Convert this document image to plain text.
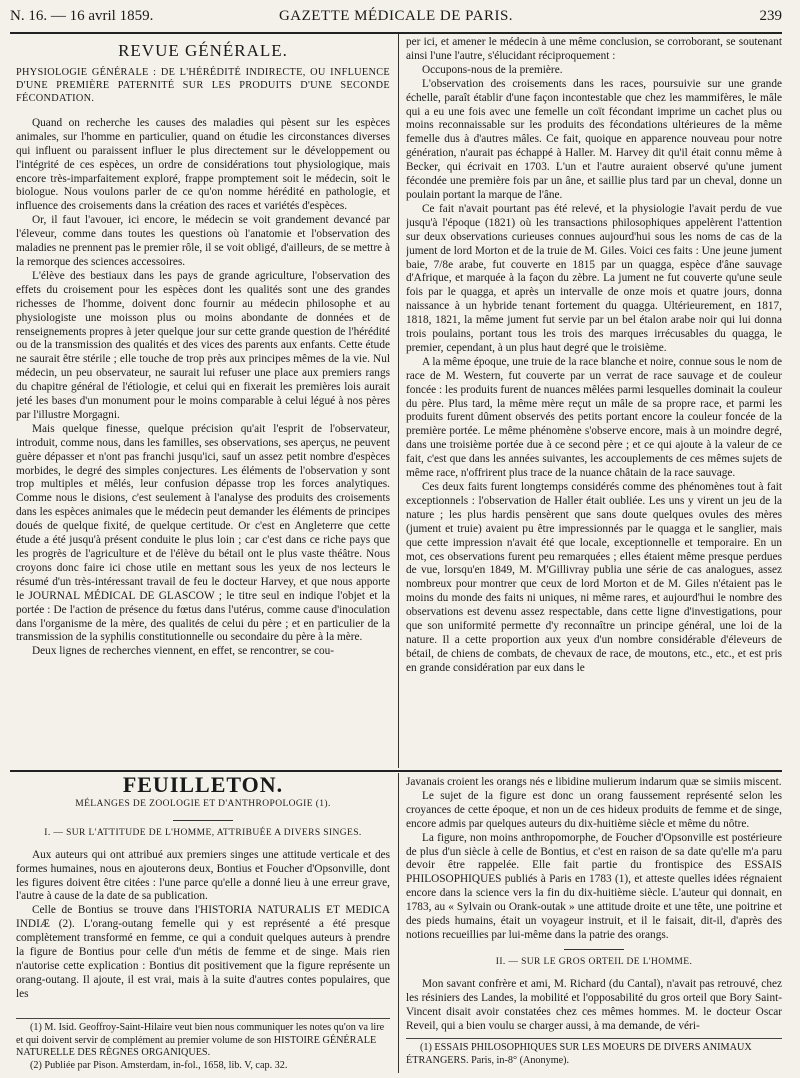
N. 16. — 16 avril 1859.	GAZETTE MÉDICALE DE PARIS.	239
REVUE GÉNÉRALE.
PHYSIOLOGIE GÉNÉRALE : DE L'HÉRÉDITÉ INDIRECTE, OU INFLUENCE D'UNE PREMIÈRE PATERNITÉ SUR LES PRODUITS D'UNE SECONDE FÉCONDATION.

Quand on recherche les causes des maladies qui pèsent sur les espèces animales, sur l'homme en particulier, quand on étudie les circonstances diverses qui influent ou paraissent influer le plus directement sur le développement ou l'intégrité de ces espèces, un ordre de considérations tout physiologique, mais encore très-imparfaitement exploré, frappe promptement soit le médecin, soit le biologue. Nous voulons parler de ce qu'on nomme hérédité en pathologie, et influence des croisements dans la création des races et variétés d'espèces.

Or, il faut l'avouer, ici encore, le médecin se voit grandement devancé par l'éleveur, comme dans toutes les questions où l'anatomie et l'observation des maladies ne prennent pas le premier rôle, il se voit obligé, d'ailleurs, de se mettre à la remorque des sciences accessoires.

L'élève des bestiaux dans les pays de grande agriculture, l'observation des effets du croisement pour les espèces dont les qualités sont une des grandes richesses de l'homme, doivent donc fournir au médecin philosophe et au physiologiste une moisson plus ou moins abondante de données et de renseignements propres à jeter quelque jour sur cette grande question de l'hérédité ou de la transmission des qualités et des vices des parents aux enfants. Cette étude ne saurait être stérile ; elle touche de trop près aux principes mêmes de la vie. Nul médecin, un peu observateur, ne saurait lui refuser une place aux premiers rangs du chapitre général de l'étiologie, et celui qui en fixerait les premières lois aurait jeté les bases d'un monument pour le moins comparable à celui légué à nos pères par l'illustre Morgagni.

Mais quelque finesse, quelque précision qu'ait l'esprit de l'observateur, introduit, comme nous, dans les familles, ses observations, ses aperçus, ne peuvent guère dépasser et n'ont pas franchi jusqu'ici, sauf un assez petit nombre d'espèces morbides, le degré des simples conjectures. Les éléments de l'observation y sont trop multiples et mêlés, leur confusion dépasse trop les forces analytiques. Comme nous le disions, c'est seulement à l'analyse des produits des croisements dans les espèces animales que le médecin peut demander les éléments de principes doués de quelque fixité, de quelque certitude. Or c'est en Angleterre que cette étude a été jusqu'à présent conduite le plus loin ; car c'est dans ce riche pays que les progrès de l'agriculture et de l'élève du bétail ont le plus vaste théâtre. Nous croyons donc faire ici chose utile en mettant sous les yeux de nos lecteurs le résumé d'un très-intéressant travail de feu le docteur Harvey, et que nous apporte le JOURNAL MÉDICAL DE GLASCOW ; le titre seul en indique l'objet et la portée : De l'action de présence du fœtus dans l'utérus, comme cause d'inoculation dans l'organisme de la mère, des qualités de celui du père ; et en particulier de la transmission de la syphilis constitutionnelle ou secondaire du père à la mère.

Deux lignes de recherches viennent, en effet, se rencontrer, se cou-

per ici, et amener le médecin à une même conclusion, se corroborant, se soutenant ainsi l'une l'autre, s'élucidant réciproquement :

Occupons-nous de la première.

L'observation des croisements dans les races, poursuivie sur une grande échelle, paraît établir d'une façon incontestable que chez les mammifères, le mâle qui a eu une fois avec une femelle un coït fécondant imprime un cachet plus ou moins reconnaissable sur les produits des fécondations ultérieures de la même femelle dus à d'autres mâles. Ce fait, quoique en apparence nouveau pour notre génération, n'aurait pas échappé à Haller. M. Harvey dit qu'il était connu même à Becker, qui écrivait en 1703. L'un et l'autre auraient observé qu'une jument fécondée une première fois par un âne, et saillie plus tard par un cheval, donne un poulain portant la marque de l'âne.

Ce fait n'avait pourtant pas été relevé, et la physiologie l'avait perdu de vue jusqu'à l'époque (1821) où les transactions philosophiques appelèrent l'attention sur deux observations curieuses connues aujourd'hui sous les noms de cas de la jument de lord Morton et de la truie de M. Giles. Voici ces faits : Une jeune jument baie, 7/8e arabe, fut couverte en 1815 par un quagga, espèce d'âne sauvage d'Afrique, et marquée à la façon du zèbre. La jument ne fut couverte qu'une seule fois par le quagga, et après un intervalle de onze mois et quatre jours, donna naissance à un hybride tenant fortement du quagga. Ultérieurement, en 1817, 1818, 1821, la même jument fut servie par un bel étalon arabe noir qui lui donna trois poulains, portant tous les trois des marques irrécusables du quagga, le premier, cependant, à un plus haut degré que le troisième.

A la même époque, une truie de la race blanche et noire, connue sous le nom de race de M. Western, fut couverte par un verrat de race sauvage et de couleur foncée : les produits furent de nuances mêlées parmi lesquelles dominait la couleur du père. Plus tard, la même mère reçut un mâle de sa propre race, et parmi les produits furent dûment observés des petits portant encore la couleur foncée de la première portée. Le même phénomène s'observe encore, mais à un moindre degré, dans une troisième portée due à ce second père ; et ce qui ajoute à la valeur de ce fait, c'est que dans les années suivantes, les accouplements de ces mêmes sujets de même race, n'offrirent plus trace de la nuance châtain de la race sauvage.

Ces deux faits furent longtemps considérés comme des phénomènes tout à fait exceptionnels : l'observation de Haller était oubliée. Les uns y virent un jeu de la nature ; les plus hardis pensèrent que sans doute quelques ovules des mères (jument et truie) avaient pu être impressionnés par le quagga et le sanglier, mais que cette impression n'avait été que locale, exceptionnelle et temporaire. En un mot, ces observations furent peu remarquées ; elles étaient même presque perdues de vue, lorsqu'en 1849, M. M'Gillivray publia une série de cas analogues, assez nombreux pour montrer que ceux de lord Morton et de M. Giles n'étaient pas le moins du monde des faits ni uniques, ni même rares, et aujourd'hui le nombre des observations est devenu assez respectable, dans cette ligne d'investigations, pour que son uniformité permette d'y reconnaître un principe général, une loi de la nature. Il a cette proportion aux yeux d'un nombre considérable d'éleveurs de bétail, de chiens de combats, de chevaux de race, de moutons, etc., etc., et est pris en grande considération par eux dans le

FEUILLETON.
MÉLANGES DE ZOOLOGIE ET D'ANTHROPOLOGIE (1).
I. — SUR L'ATTITUDE DE L'HOMME, ATTRIBUÉE A DIVERS SINGES.

Aux auteurs qui ont attribué aux premiers singes une attitude verticale et des formes humaines, nous en ajouterons deux, Bontius et Foucher d'Opsonville, dont les figures doivent être citées : l'une parce qu'elle a donné lieu à une erreur grave, l'autre à cause de la date de sa publication.

Celle de Bontius se trouve dans l'HISTORIA NATURALIS ET MEDICA INDIÆ (2). L'orang-outang femelle qui y est représenté a été presque complètement transformé en femme, ce qui a conduit quelques auteurs à prendre la figure de Bontius pour celle d'un métis de femme et de singe. Mais rien n'autorise cette explication : Bontius dit positivement que la figure représente un orang-outang. Il ajoute, il est vrai, mais à la suite d'autres contes populaires, que les

(1) M. Isid. Geoffroy-Saint-Hilaire veut bien nous communiquer les notes qu'on va lire et qui doivent servir de complément au premier volume de son HISTOIRE GÉNÉRALE NATURELLE DES RÈGNES ORGANIQUES.

(2) Publiée par Pison. Amsterdam, in-fol., 1658, lib. V, cap. 32.

Javanais croient les orangs nés e libidine mulierum indarum quæ se simiis miscent.

Le sujet de la figure est donc un orang faussement représenté selon les croyances de cette époque, et non un de ces hideux produits de femme et de singe, encore admis par quelques auteurs du dix-huitième siècle et même du nôtre.

La figure, non moins anthropomorphe, de Foucher d'Opsonville est postérieure de plus d'un siècle à celle de Bontius, et c'est en raison de sa date qu'elle m'a paru devoir être rappelée. Elle fait partie du frontispice des ESSAIS PHILOSOPHIQUES publiés à Paris en 1783 (1), et atteste quelles idées régnaient encore dans la science vers la fin du dix-huitième siècle. L'auteur qui donnait, en 1783, au « Sylvain ou Orank-outak » une attitude droite et une tête, une poitrine et des pieds humains, était un voyageur instruit, et il le faisait, dit-il, d'après des notions recueillies par lui-même dans la patrie des orangs.

II. — SUR LE GROS ORTEIL DE L'HOMME.

Mon savant confrère et ami, M. Richard (du Cantal), n'avait pas retrouvé, chez les résiniers des Landes, la mobilité et l'opposabilité du gros orteil que Bory Saint-Vincent disait avoir constatées chez ces mêmes hommes. M. le docteur Oscar Reveil, qui a bien voulu se charger aussi, à ma demande, de véri-

(1) ESSAIS PHILOSOPHIQUES SUR LES MOEURS DE DIVERS ANIMAUX ÉTRANGERS. Paris, in-8° (Anonyme).
